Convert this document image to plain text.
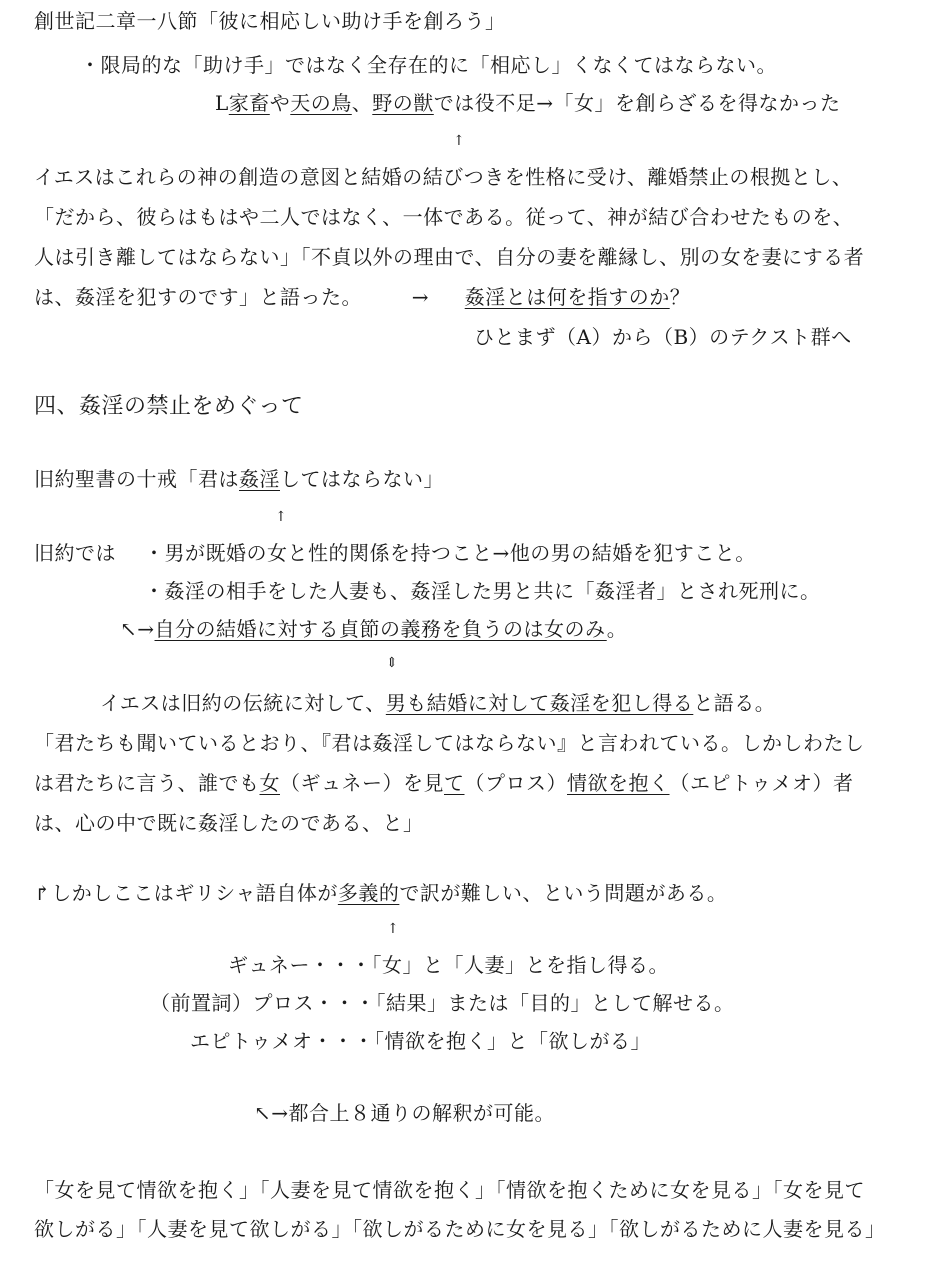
創世記二章一八節「彼に相応しい助け手を創ろう」
・限局的な「助け手」ではなく全存在的に「相応し」くなくてはならない。
L家畜や天の鳥、野の獣では役不足→「女」を創らざるを得なかった
↑
イエスはこれらの神の創造の意図と結婚の結びつきを性格に受け、離婚禁止の根拠とし、
「だから、彼らはもはや二人ではなく、一体である。従って、神が結び合わせたものを、
人は引き離してはならない」「不貞以外の理由で、自分の妻を離縁し、別の女を妻にする者
は、姦淫を犯すのです」と語った。 → 姦淫とは何を指すのか？
ひとまず（A）から（B）のテクスト群へ
四、姦淫の禁止をめぐって
旧約聖書の十戒「君は姦淫してはならない」
↑
旧約では ・男が既婚の女と性的関係を持つこと→他の男の結婚を犯すこと。
・姦淫の相手をした人妻も、姦淫した男と共に「姦淫者」とされ死刑に。
↖→自分の結婚に対する貞節の義務を負うのは女のみ。
⇕
イエスは旧約の伝統に対して、男も結婚に対して姦淫を犯し得ると語る。
「君たちも聞いているとおり、『君は姦淫してはならない』と言われている。しかしわたし
は君たちに言う、誰でも女（ギュネー）を見て（プロス）情欲を抱く（エピトゥメオ）者
は、心の中で既に姦淫したのである、と」
↱しかしここはギリシャ語自体が多義的で訳が難しい、という問題がある。
↑
ギュネー・・・「女」と「人妻」とを指し得る。
（前置詞）プロス・・・「結果」または「目的」として解せる。
エピトゥメオ・・・「情欲を抱く」と「欲しがる」
↖→都合上８通りの解釈が可能。
「女を見て情欲を抱く」「人妻を見て情欲を抱く」「情欲を抱くために女を見る」「女を見て
欲しがる」「人妻を見て欲しがる」「欲しがるために女を見る」「欲しがるために人妻を見る」
